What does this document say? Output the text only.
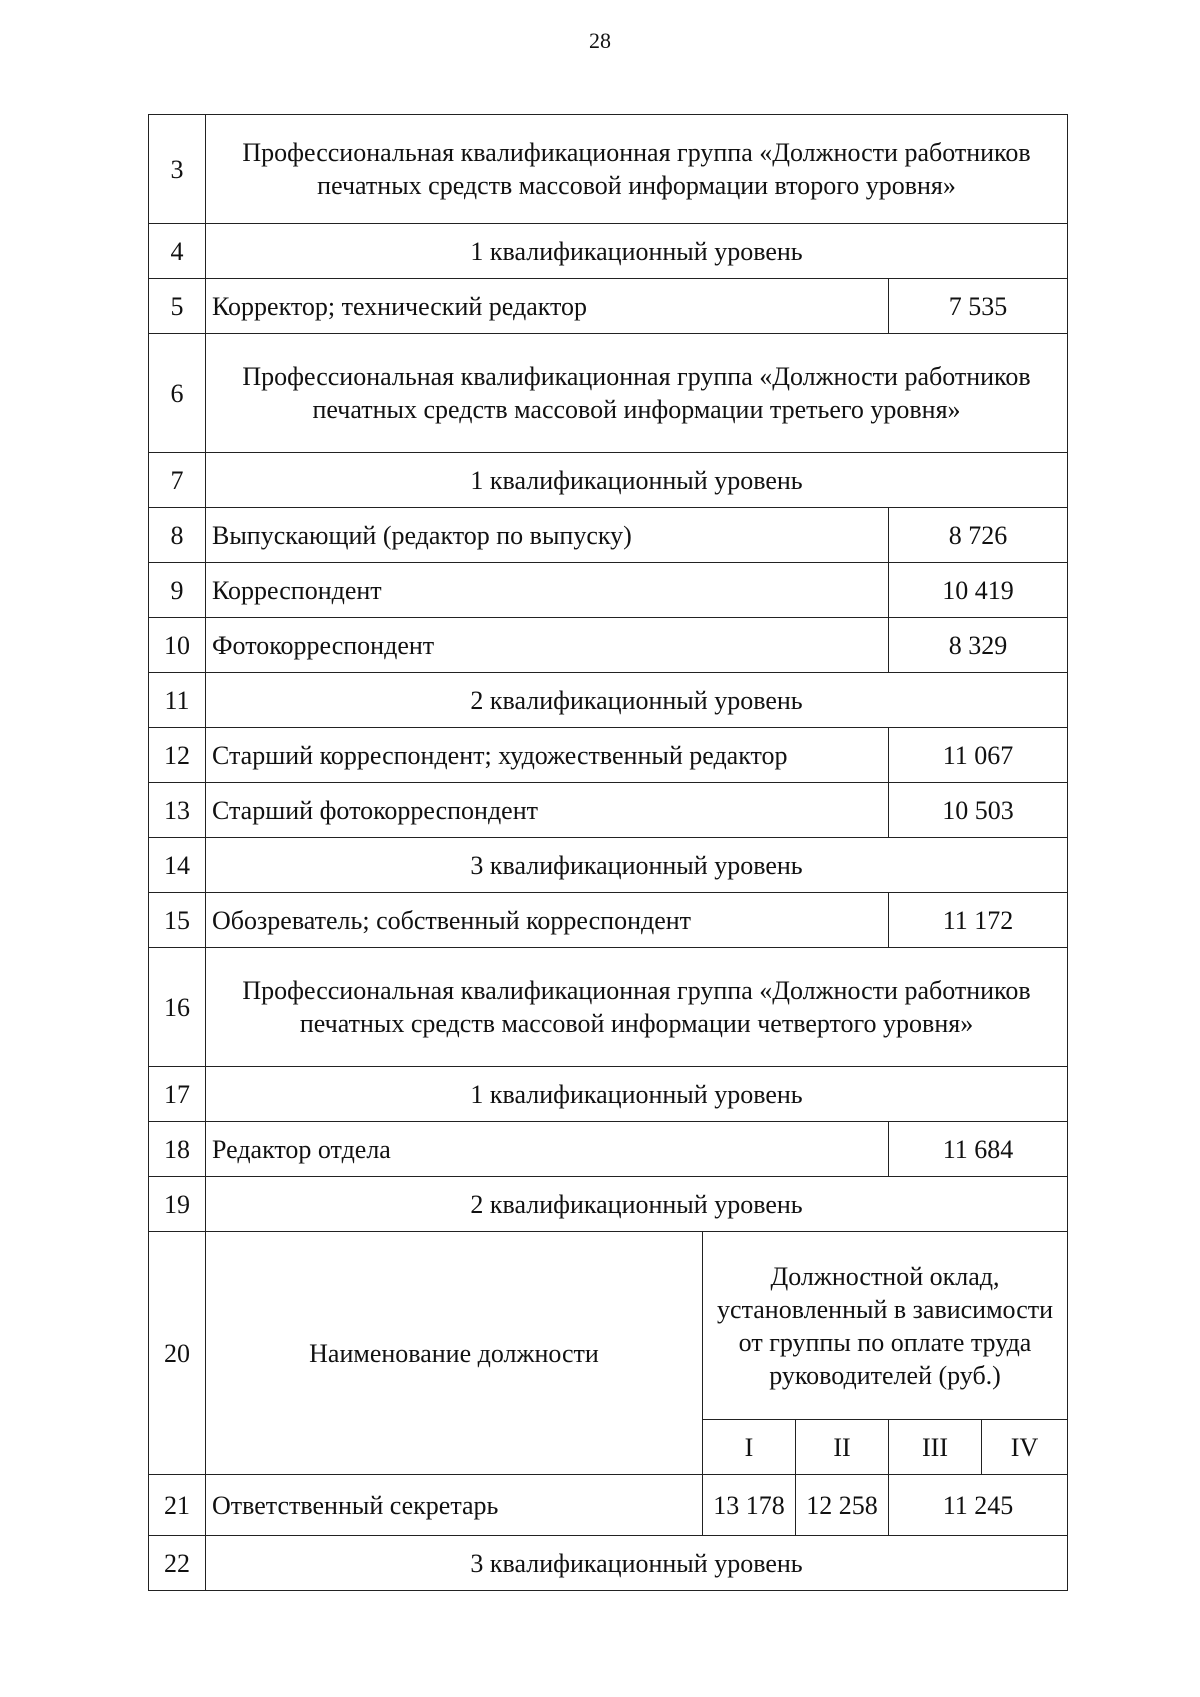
28
3	Профессиональная квалификационная группа «Должности работников печатных средств массовой информации второго уровня»				
4	1 квалификационный уровень				
5	Корректор; технический редактор			7 535	
6	Профессиональная квалификационная группа «Должности работников печатных средств массовой информации третьего уровня»				
7	1 квалификационный уровень				
8	Выпускающий (редактор по выпуску)			8 726	
9	Корреспондент			10 419	
10	Фотокорреспондент			8 329	
11	2 квалификационный уровень				
12	Старший корреспондент; художественный редактор			11 067	
13	Старший фотокорреспондент			10 503	
14	3 квалификационный уровень				
15	Обозреватель; собственный корреспондент			11 172	
16	Профессиональная квалификационная группа «Должности работников печатных средств массовой информации четвертого уровня»				
17	1 квалификационный уровень				
18	Редактор отдела			11 684	
19	2 квалификационный уровень				
20	Наименование должности	Должностной оклад, установленный в зависимости от группы по оплате труда руководителей (руб.)			
		I	II	III	IV
21	Ответственный секретарь	13 178	12 258	11 245	
22	3 квалификационный уровень				
